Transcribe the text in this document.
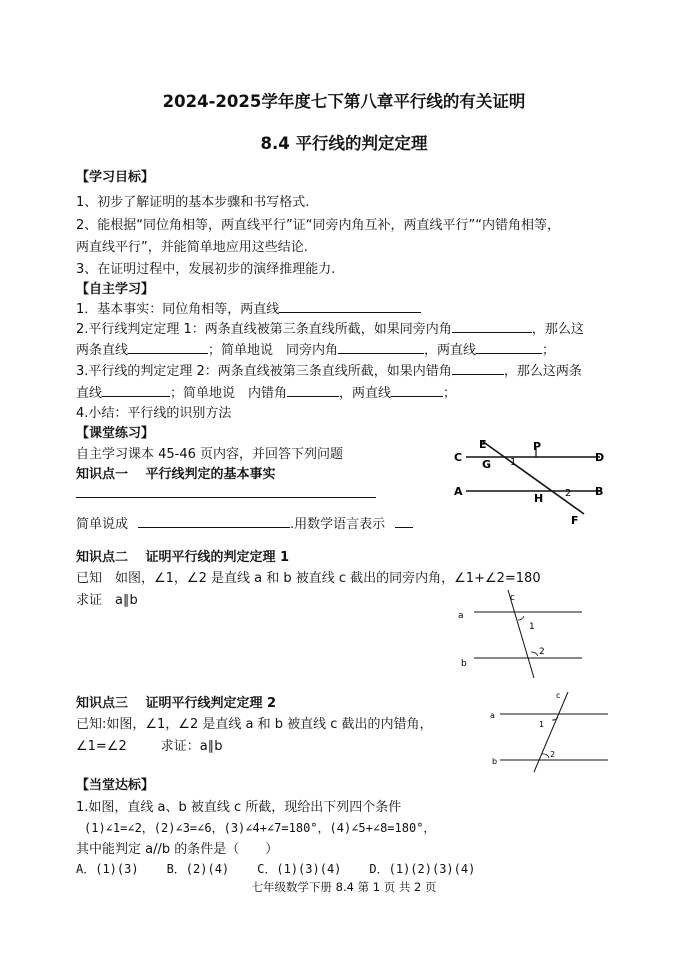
2024-2025学年度七下第八章平行线的有关证明
8.4 平行线的判定定理
【学习目标】
1、初步了解证明的基本步骤和书写格式.
2、能根据“同位角相等，两直线平行”证“同旁内角互补，两直线平行”“内错角相等，
两直线平行”，并能简单地应用这些结论.
3、在证明过程中，发展初步的演绎推理能力.
【自主学习】
1．基本事实：同位角相等，两直线
2.平行线判定定理 1：两条直线被第三条直线所截，如果同旁内角	，那么这
两条直线	；简单地说　同旁内角	，两直线	；
3.平行线的判定定理 2：两条直线被第三条直线所截，如果内错角	，那么这两条
直线	；简单地说　内错角	，两直线	；
4.小结：平行线的识别方法
【课堂练习】
自主学习课本 45-46 页内容，并回答下列问题
知识点一　 平行线判定的基本事实
简单说成	.用数学语言表示
C	D
E	P
G 1
A	B
H 2
F
知识点二　 证明平行线的判定定理 1
已知　如图，∠1，∠2 是直线 a 和 b 被直线 c 截出的同旁内角，∠1+∠2=180
求证　a∥b
a
b
c
1
2
知识点三　 证明平行线判定定理 2
已知:如图，∠1，∠2 是直线 a 和 b 被直线 c 截出的内错角，
∠1=∠2	求证：a∥b
a
b
c
1
2
【当堂达标】
1.如图，直线 a、b 被直线 c 所截，现给出下列四个条件
(1)∠1=∠2，(2)∠3=∠6，(3)∠4+∠7=180°，(4)∠5+∠8=180°，
其中能判定 a//b 的条件是（　　）
A．(1)(3) B．(2)(4) C．(1)(3)(4) D．(1)(2)(3)(4)
七年级数学下册 8.4 第 1 页 共 2 页
